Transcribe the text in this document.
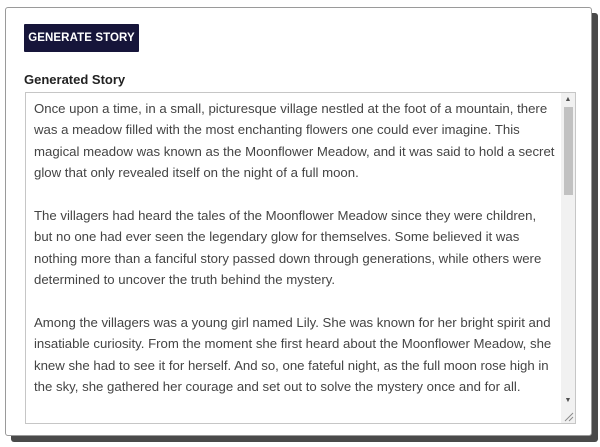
GENERATE STORY
Generated Story

Once upon a time, in a small, picturesque village nestled at the foot of a mountain, there was a meadow filled with the most enchanting flowers one could ever imagine. This magical meadow was known as the Moonflower Meadow, and it was said to hold a secret glow that only revealed itself on the night of a full moon.

The villagers had heard the tales of the Moonflower Meadow since they were children, but no one had ever seen the legendary glow for themselves. Some believed it was nothing more than a fanciful story passed down through generations, while others were determined to uncover the truth behind the mystery.

Among the villagers was a young girl named Lily. She was known for her bright spirit and insatiable curiosity. From the moment she first heard about the Moonflower Meadow, she knew she had to see it for herself. And so, one fateful night, as the full moon rose high in the sky, she gathered her courage and set out to solve the mystery once and for all.

▲
▼
